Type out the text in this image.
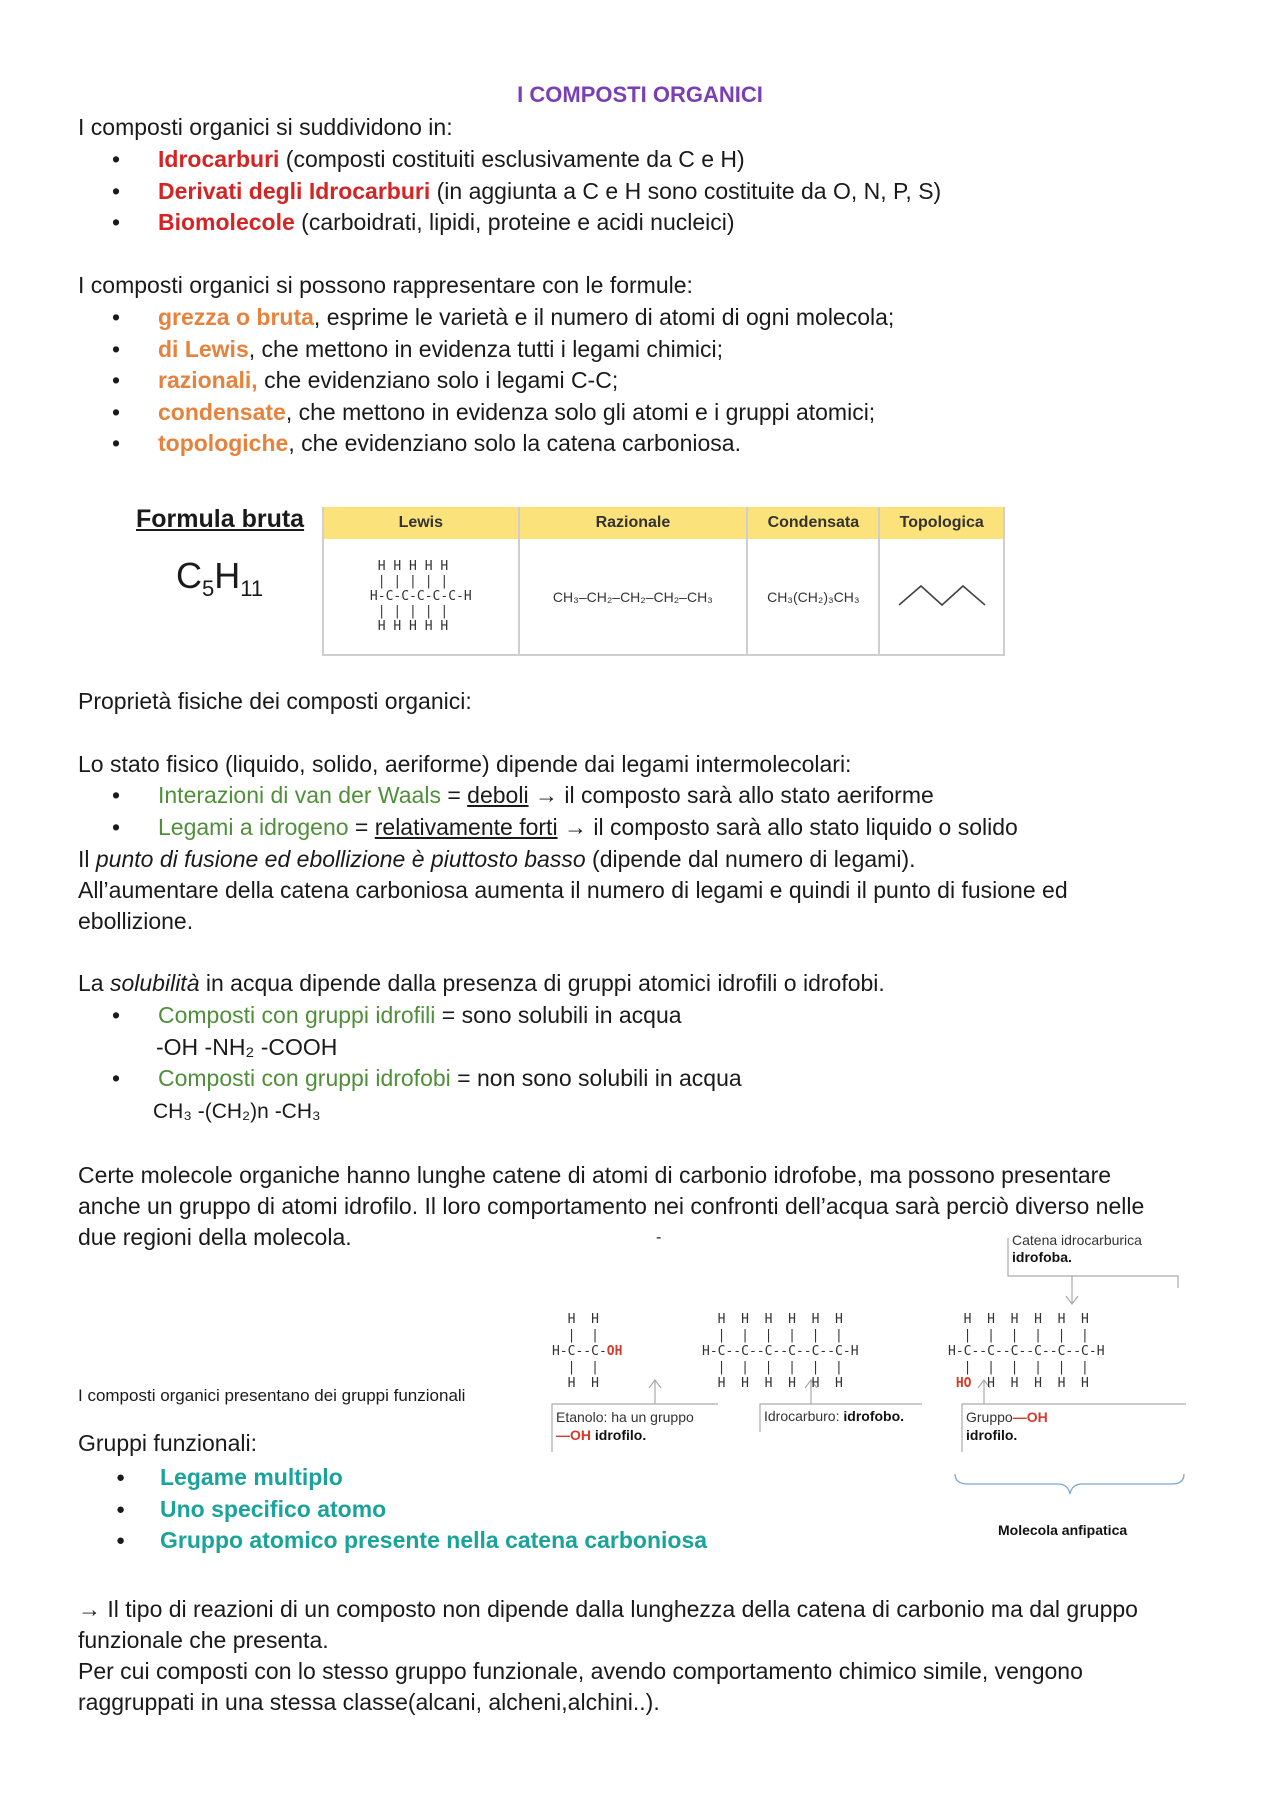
I COMPOSTI ORGANICI
I composti organici si suddividono in:
• Idrocarburi (composti costituiti esclusivamente da C e H)
• Derivati degli Idrocarburi (in aggiunta a C e H sono costituite da O, N, P, S)
• Biomolecole (carboidrati, lipidi, proteine e acidi nucleici)
I composti organici si possono rappresentare con le formule:
• grezza o bruta, esprime le varietà e il numero di atomi di ogni molecola;
• di Lewis, che mettono in evidenza tutti i legami chimici;
• razionali, che evidenziano solo i legami C-C;
• condensate, che mettono in evidenza solo gli atomi e i gruppi atomici;
• topologiche, che evidenziano solo la catena carboniosa.
Formula bruta
$C_5H_{11}$
Lewis	Razionale	Condensata	Topologica
H H H H H
| | | | |
H-C-C-C-C-C-H
| | | | |
H H H H H	CH₃–CH₂–CH₂–CH₂–CH₃	CH₃(CH₂)₃CH₃	
Proprietà fisiche dei composti organici:
Lo stato fisico (liquido, solido, aeriforme) dipende dai legami intermolecolari:
• Interazioni di van der Waals = deboli → il composto sarà allo stato aeriforme
• Legami a idrogeno = relativamente forti → il composto sarà allo stato liquido o solido
Il punto di fusione ed ebollizione è piuttosto basso (dipende dal numero di legami).
All’aumentare della catena carboniosa aumenta il numero di legami e quindi il punto di fusione ed
ebollizione.
La solubilità in acqua dipende dalla presenza di gruppi atomici idrofili o idrofobi.
• Composti con gruppi idrofili = sono solubili in acqua
-OH -NH₂ -COOH
• Composti con gruppi idrofobi = non sono solubili in acqua
CH₃ -(CH₂)n -CH₃
Certe molecole organiche hanno lunghe catene di atomi di carbonio idrofobe, ma possono presentare
anche un gruppo di atomi idrofilo. Il loro comportamento nei confronti dell’acqua sarà perciò diverso nelle
due regioni della molecola.	-
I composti organici presentano dei gruppi funzionali
Gruppi funzionali:
● Legame multiplo
● Uno specifico atomo
● Gruppo atomico presente nella catena carboniosa
Catena idrocarburica
idrofoba.
H  H
|  |
H-C--C-OH
|  |
H  H
H  H  H  H  H  H
|  |  |  |  |  |
H-C--C--C--C--C--C-H
|  |  |  |  |  |
H  H  H  H  H  H
H  H  H  H  H  H
|  |  |  |  |  |
H-C--C--C--C--C--C-H
|  |  |  |  |  |
HO  H  H  H  H  H
Etanolo: ha un gruppo
—OH idrofilo.
Idrocarburo: idrofobo.	Gruppo—OH
idrofilo.
Molecola anfipatica
→ Il tipo di reazioni di un composto non dipende dalla lunghezza della catena di carbonio ma dal gruppo
funzionale che presenta.
Per cui composti con lo stesso gruppo funzionale, avendo comportamento chimico simile, vengono
raggruppati in una stessa classe(alcani, alcheni,alchini..).
